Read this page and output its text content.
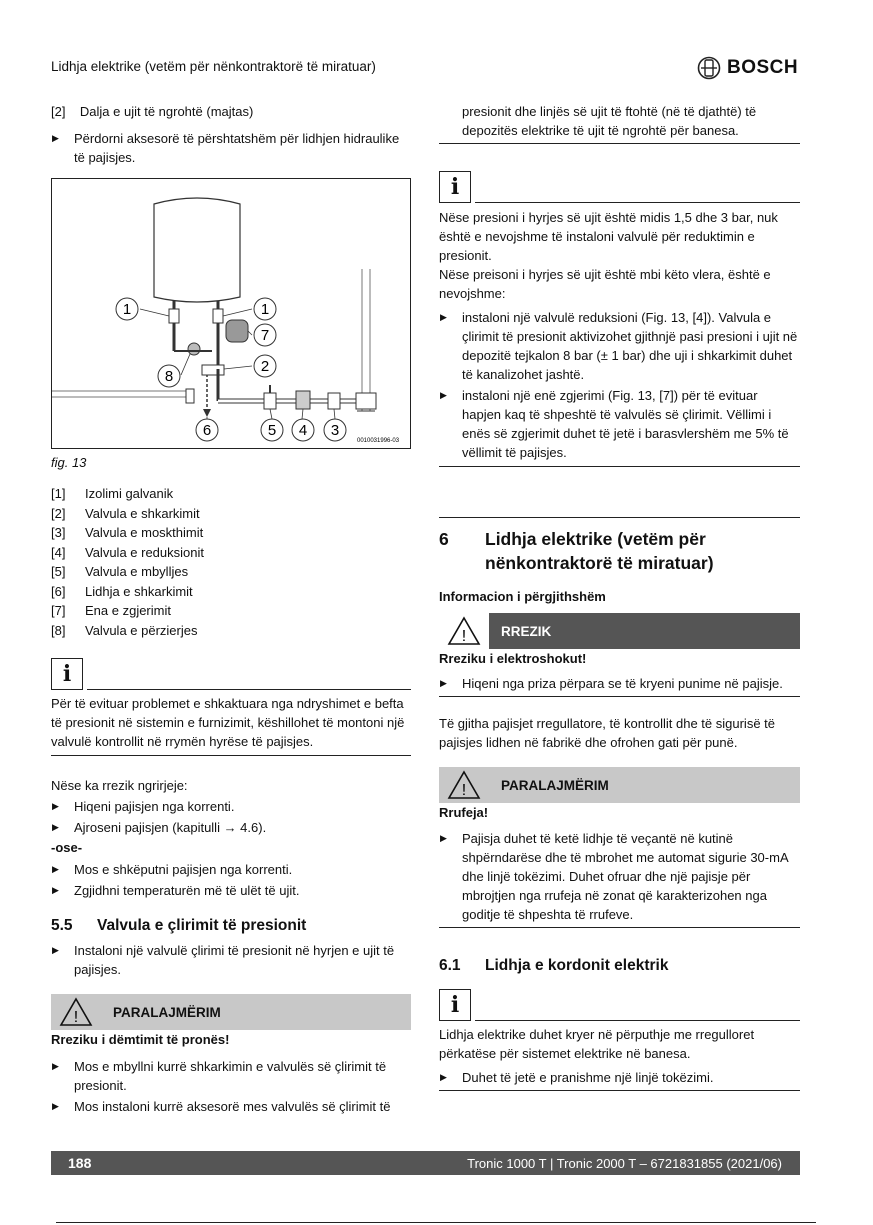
Lidhja elektrike (vetëm për nënkontraktorë të miratuar)	BOSCH
[2]    Dalja e ujit të ngrohtë (majtas)
▶ Përdorni aksesorë të përshtatshëm për lidhjen hidraulike të pajisjes.
1	1
7
2
8
6	5 4 3
0010031996-03
fig. 13
[1]	Izolimi galvanik
[2]	Valvula e shkarkimit
[3]	Valvula e moskthimit
[4]	Valvula e reduksionit
[5]	Valvula e mbylljes
[6]	Lidhja e shkarkimit
[7]	Ena e zgjerimit
[8]	Valvula e përzierjes
i
Për të evituar problemet e shkaktuara nga ndryshimet e befta të presionit në sistemin e furnizimit, këshillohet të montoni një valvulë kontrollit në rrymën hyrëse të pajisjes.
Nëse ka rrezik ngrirjeje:
▶ Hiqeni pajisjen nga korrenti.
▶ Ajroseni pajisjen (kapitulli → 4.6).
-ose-
▶ Mos e shkëputni pajisjen nga korrenti.
▶ Zgjidhni temperaturën më të ulët të ujit.
5.5	Valvula e çlirimit të presionit
▶ Instaloni një valvulë çlirimi të presionit në hyrjen e ujit të pajisjes.
!	PARALAJMËRIM
Rreziku i dëmtimit të pronës!
▶ Mos e mbyllni kurrë shkarkimin e valvulës së çlirimit të presionit.
▶ Mos instaloni kurrë aksesorë mes valvulës së çlirimit të
presionit dhe linjës së ujit të ftohtë (në të djathtë) të depozitës elektrike të ujit të ngrohtë për banesa.
i
Nëse presioni i hyrjes së ujit është midis 1,5 dhe 3 bar, nuk është e nevojshme të instaloni valvulë për reduktimin e presionit.
Nëse preisoni i hyrjes së ujit është mbi këto vlera, është e nevojshme:
▶ instaloni një valvulë reduksioni (Fig. 13, [4]). Valvula e çlirimit të presionit aktivizohet gjithnjë pasi presioni i ujit në depozitë tejkalon 8 bar (± 1 bar) dhe uji i shkarkimit duhet të kanalizohet jashtë.
▶ instaloni një enë zgjerimi (Fig. 13, [7]) për të evituar hapjen kaq të shpeshtë të valvulës së çlirimit. Vëllimi i enës së zgjerimit duhet të jetë i barasvlershëm me 5% të vëllimit të pajisjes.
6	Lidhja elektrike (vetëm për
nënkontraktorë të miratuar)
Informacion i përgjithshëm
!	RREZIK
Rreziku i elektroshokut!
▶ Hiqeni nga priza përpara se të kryeni punime në pajisje.
Të gjitha pajisjet rregullatore, të kontrollit dhe të sigurisë të pajisjes lidhen në fabrikë dhe ofrohen gati për punë.
!	PARALAJMËRIM
Rrufeja!
▶ Pajisja duhet të ketë lidhje të veçantë në kutinë shpërndarëse dhe të mbrohet me automat sigurie 30-mA dhe linjë tokëzimi. Duhet ofruar dhe një pajisje për mbrojtjen nga rrufeja në zonat që karakterizohen nga goditje të shpeshta të rrufeve.
6.1	Lidhja e kordonit elektrik
i
Lidhja elektrike duhet kryer në përputhje me rregulloret përkatëse për sistemet elektrike në banesa.
▶ Duhet të jetë e pranishme një linjë tokëzimi.
188	Tronic 1000 T | Tronic 2000 T – 6721831855 (2021/06)
